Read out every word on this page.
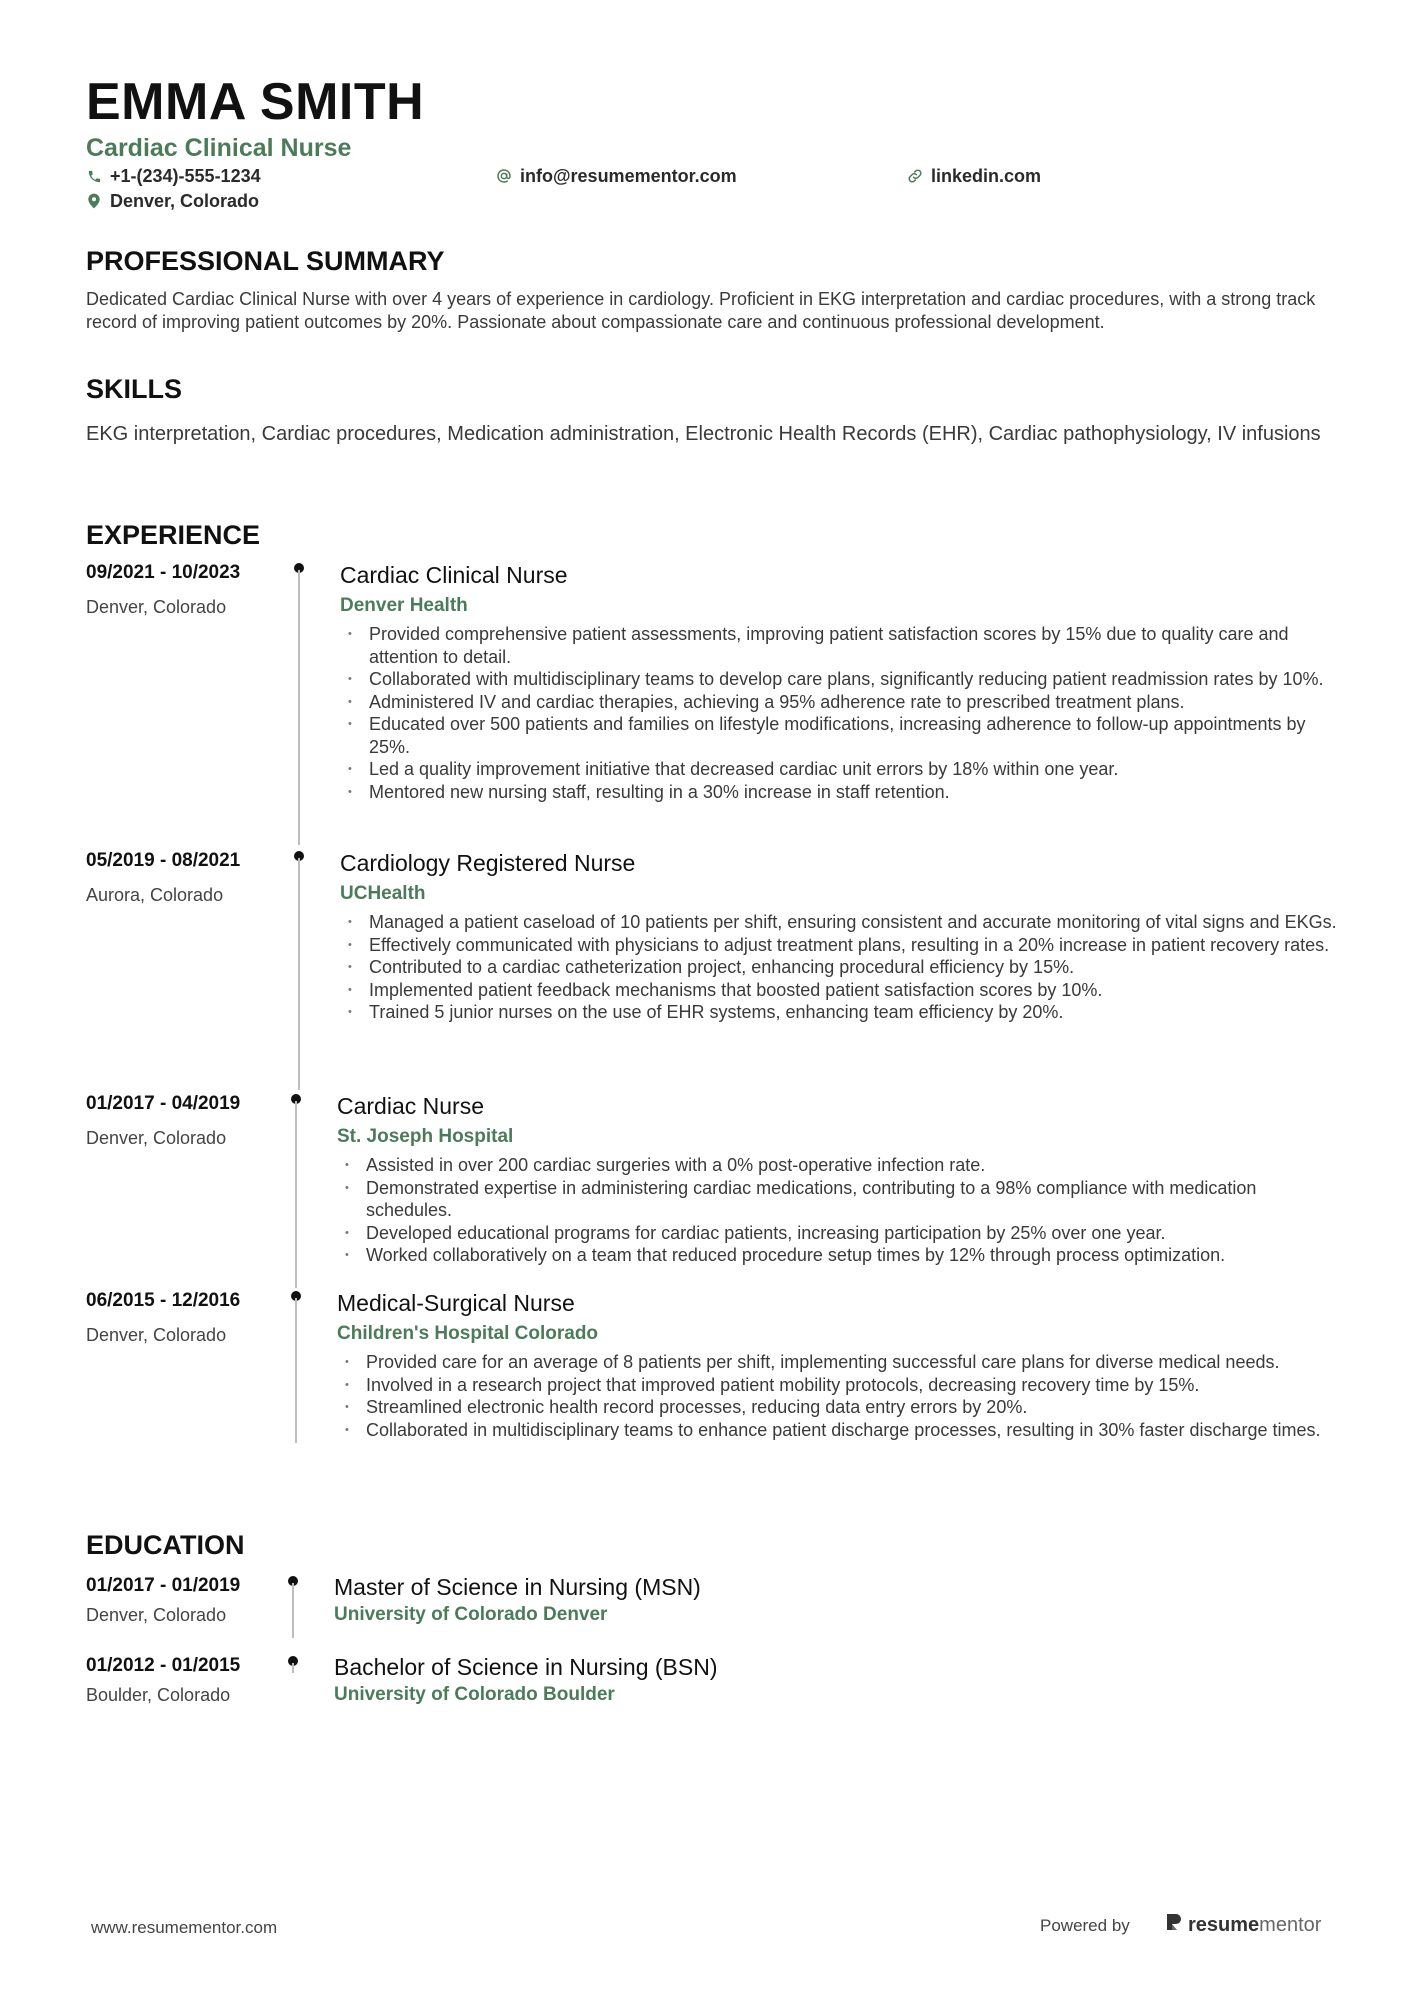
EMMA SMITH
Cardiac Clinical Nurse
+1-(234)-555-1234	info@resumementor.com	linkedin.com
Denver, Colorado
PROFESSIONAL SUMMARY
Dedicated Cardiac Clinical Nurse with over 4 years of experience in cardiology. Proficient in EKG interpretation and cardiac procedures, with a strong track record of improving patient outcomes by 20%. Passionate about compassionate care and continuous professional development.
SKILLS
EKG interpretation, Cardiac procedures, Medication administration, Electronic Health Records (EHR), Cardiac pathophysiology, IV infusions
EXPERIENCE
09/2021 - 10/2023
Denver, Colorado
Cardiac Clinical Nurse
Denver Health
• Provided comprehensive patient assessments, improving patient satisfaction scores by 15% due to quality care and attention to detail.
• Collaborated with multidisciplinary teams to develop care plans, significantly reducing patient readmission rates by 10%.
• Administered IV and cardiac therapies, achieving a 95% adherence rate to prescribed treatment plans.
• Educated over 500 patients and families on lifestyle modifications, increasing adherence to follow-up appointments by 25%.
• Led a quality improvement initiative that decreased cardiac unit errors by 18% within one year.
• Mentored new nursing staff, resulting in a 30% increase in staff retention.
05/2019 - 08/2021
Aurora, Colorado
Cardiology Registered Nurse
UCHealth
• Managed a patient caseload of 10 patients per shift, ensuring consistent and accurate monitoring of vital signs and EKGs.
• Effectively communicated with physicians to adjust treatment plans, resulting in a 20% increase in patient recovery rates.
• Contributed to a cardiac catheterization project, enhancing procedural efficiency by 15%.
• Implemented patient feedback mechanisms that boosted patient satisfaction scores by 10%.
• Trained 5 junior nurses on the use of EHR systems, enhancing team efficiency by 20%.
01/2017 - 04/2019
Denver, Colorado
Cardiac Nurse
St. Joseph Hospital
• Assisted in over 200 cardiac surgeries with a 0% post-operative infection rate.
• Demonstrated expertise in administering cardiac medications, contributing to a 98% compliance with medication schedules.
• Developed educational programs for cardiac patients, increasing participation by 25% over one year.
• Worked collaboratively on a team that reduced procedure setup times by 12% through process optimization.
06/2015 - 12/2016
Denver, Colorado
Medical-Surgical Nurse
Children's Hospital Colorado
• Provided care for an average of 8 patients per shift, implementing successful care plans for diverse medical needs.
• Involved in a research project that improved patient mobility protocols, decreasing recovery time by 15%.
• Streamlined electronic health record processes, reducing data entry errors by 20%.
• Collaborated in multidisciplinary teams to enhance patient discharge processes, resulting in 30% faster discharge times.
EDUCATION
01/2017 - 01/2019
Denver, Colorado
Master of Science in Nursing (MSN)
University of Colorado Denver
01/2012 - 01/2015
Boulder, Colorado
Bachelor of Science in Nursing (BSN)
University of Colorado Boulder
www.resumementor.com	Powered by	resumementor
